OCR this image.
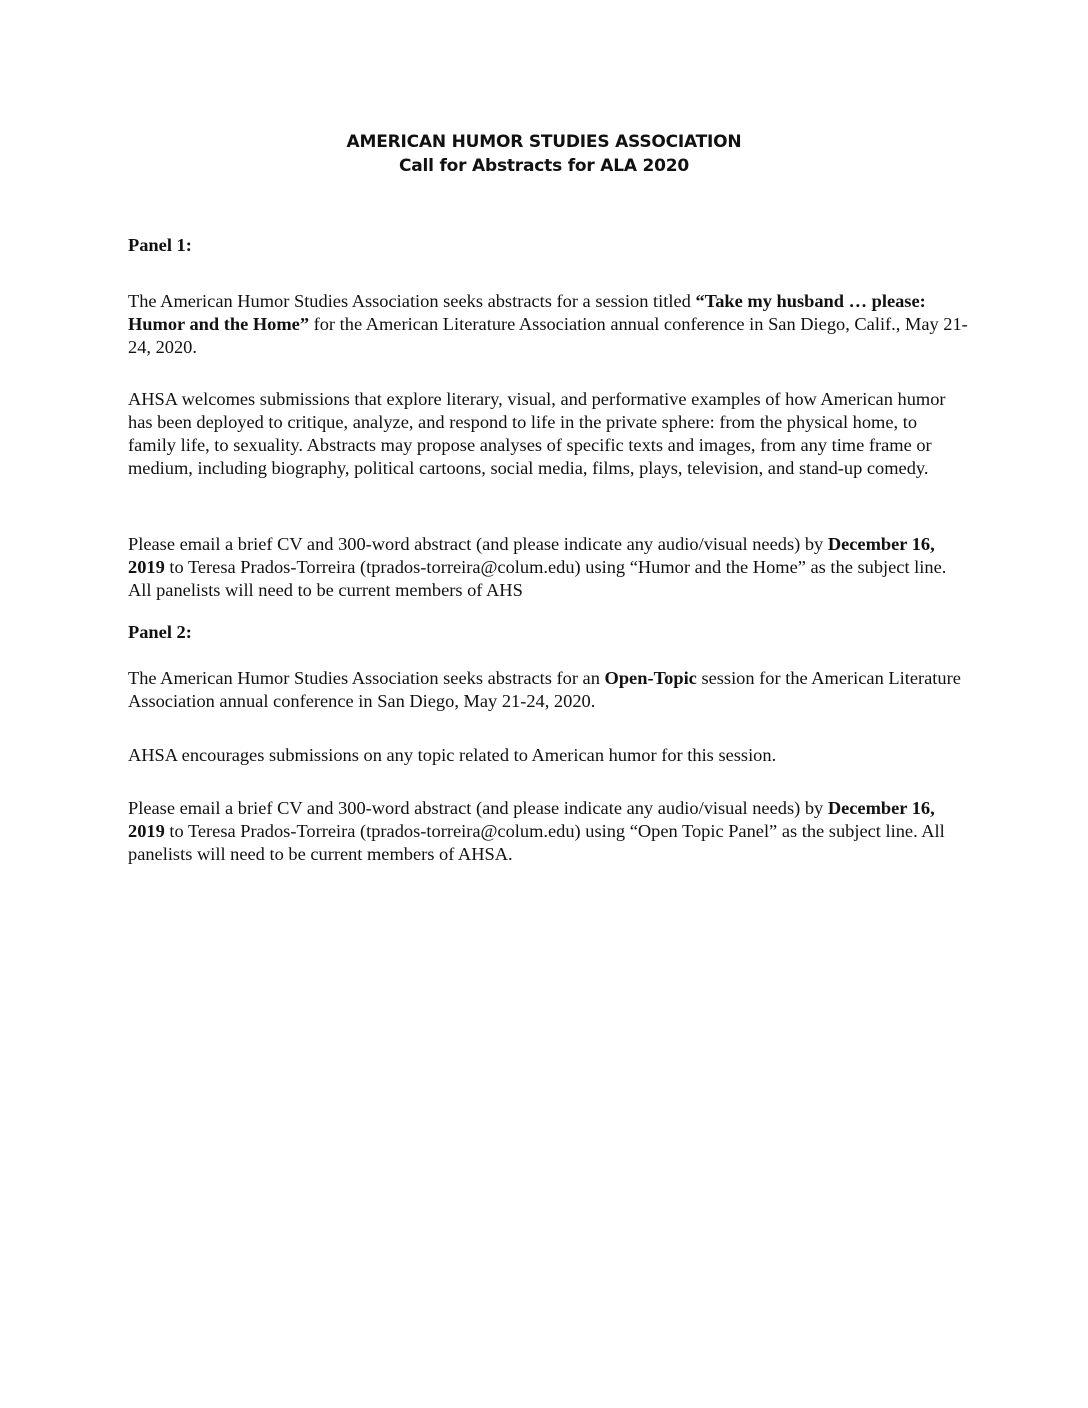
AMERICAN HUMOR STUDIES ASSOCIATION
Call for Abstracts for ALA 2020
Panel 1:

The American Humor Studies Association seeks abstracts for a session titled “Take my husband … please: Humor and the Home” for the American Literature Association annual conference in San Diego, Calif., May 21-24, 2020.

AHSA welcomes submissions that explore literary, visual, and performative examples of how American humor has been deployed to critique, analyze, and respond to life in the private sphere: from the physical home, to family life, to sexuality. Abstracts may propose analyses of specific texts and images, from any time frame or medium, including biography, political cartoons, social media, films, plays, television, and stand-up comedy.

Please email a brief CV and 300-word abstract (and please indicate any audio/visual needs) by December 16, 2019 to Teresa Prados-Torreira (tprados-torreira@colum.edu) using “Humor and the Home” as the subject line. All panelists will need to be current members of AHS

Panel 2:

The American Humor Studies Association seeks abstracts for an Open-Topic session for the American Literature Association annual conference in San Diego, May 21-24, 2020.

AHSA encourages submissions on any topic related to American humor for this session.

Please email a brief CV and 300-word abstract (and please indicate any audio/visual needs) by December 16, 2019 to Teresa Prados-Torreira (tprados-torreira@colum.edu) using “Open Topic Panel” as the subject line. All panelists will need to be current members of AHSA.
